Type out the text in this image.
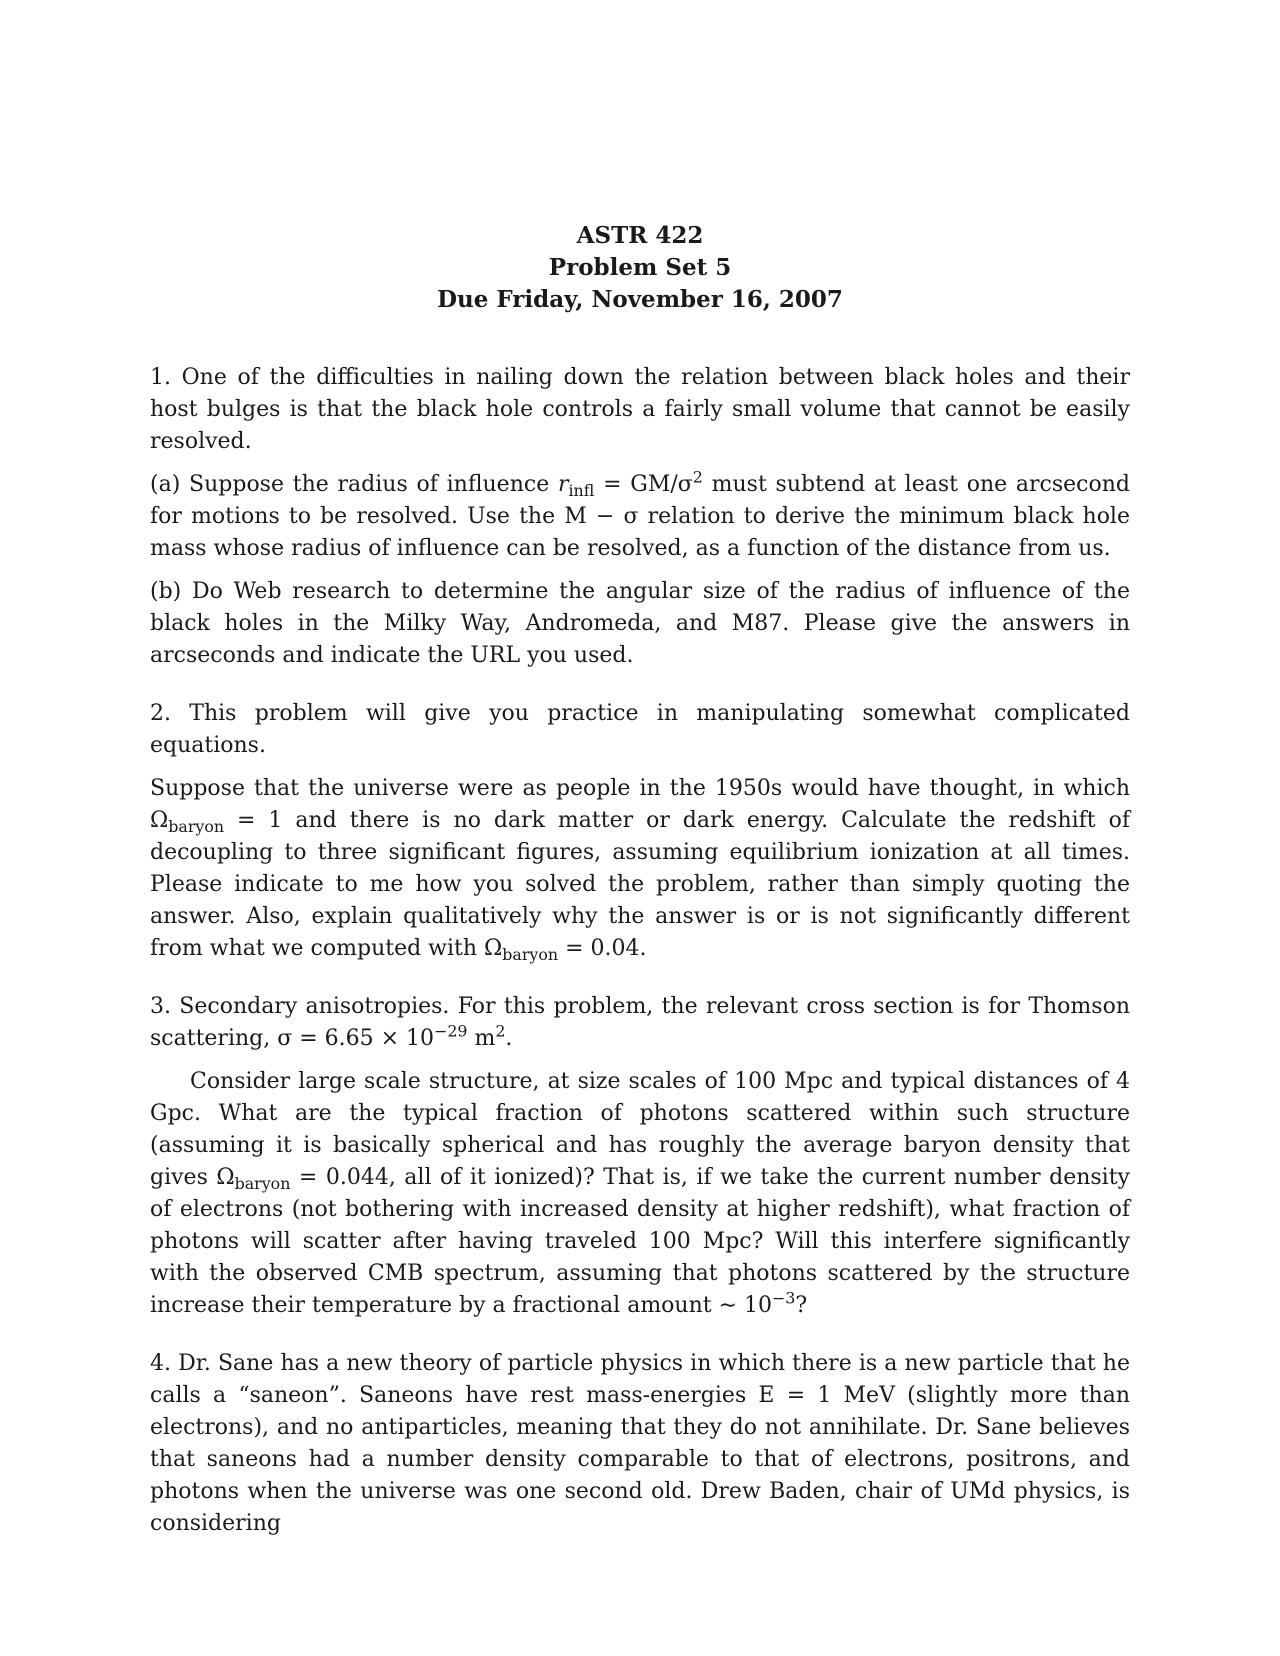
ASTR 422
Problem Set 5
Due Friday, November 16, 2007

1. One of the difficulties in nailing down the relation between black holes and their host bulges is that the black hole controls a fairly small volume that cannot be easily resolved.

(a) Suppose the radius of influence $r_{infl} = GM/\sigma^2$ must subtend at least one arcsecond for motions to be resolved. Use the M − σ relation to derive the minimum black hole mass whose radius of influence can be resolved, as a function of the distance from us.

(b) Do Web research to determine the angular size of the radius of influence of the black holes in the Milky Way, Andromeda, and M87. Please give the answers in arcseconds and indicate the URL you used.

2. This problem will give you practice in manipulating somewhat complicated equations.

Suppose that the universe were as people in the 1950s would have thought, in which $\Omega_{baryon} = 1$ and there is no dark matter or dark energy. Calculate the redshift of decoupling to three significant figures, assuming equilibrium ionization at all times. Please indicate to me how you solved the problem, rather than simply quoting the answer. Also, explain qualitatively why the answer is or is not significantly different from what we computed with $\Omega_{baryon} = 0.04$.

3. Secondary anisotropies. For this problem, the relevant cross section is for Thomson scattering, $\sigma = 6.65 \times 10^{-29}$ $m^2$.

Consider large scale structure, at size scales of 100 Mpc and typical distances of 4 Gpc. What are the typical fraction of photons scattered within such structure (assuming it is basically spherical and has roughly the average baryon density that gives $\Omega_{baryon} = 0.044$, all of it ionized)? That is, if we take the current number density of electrons (not bothering with increased density at higher redshift), what fraction of photons will scatter after having traveled 100 Mpc? Will this interfere significantly with the observed CMB spectrum, assuming that photons scattered by the structure increase their temperature by a fractional amount ∼ $10^{-3}$?

4. Dr. Sane has a new theory of particle physics in which there is a new particle that he calls a “saneon”. Saneons have rest mass-energies E = 1 MeV (slightly more than electrons), and no antiparticles, meaning that they do not annihilate. Dr. Sane believes that saneons had a number density comparable to that of electrons, positrons, and photons when the universe was one second old. Drew Baden, chair of UMd physics, is considering
